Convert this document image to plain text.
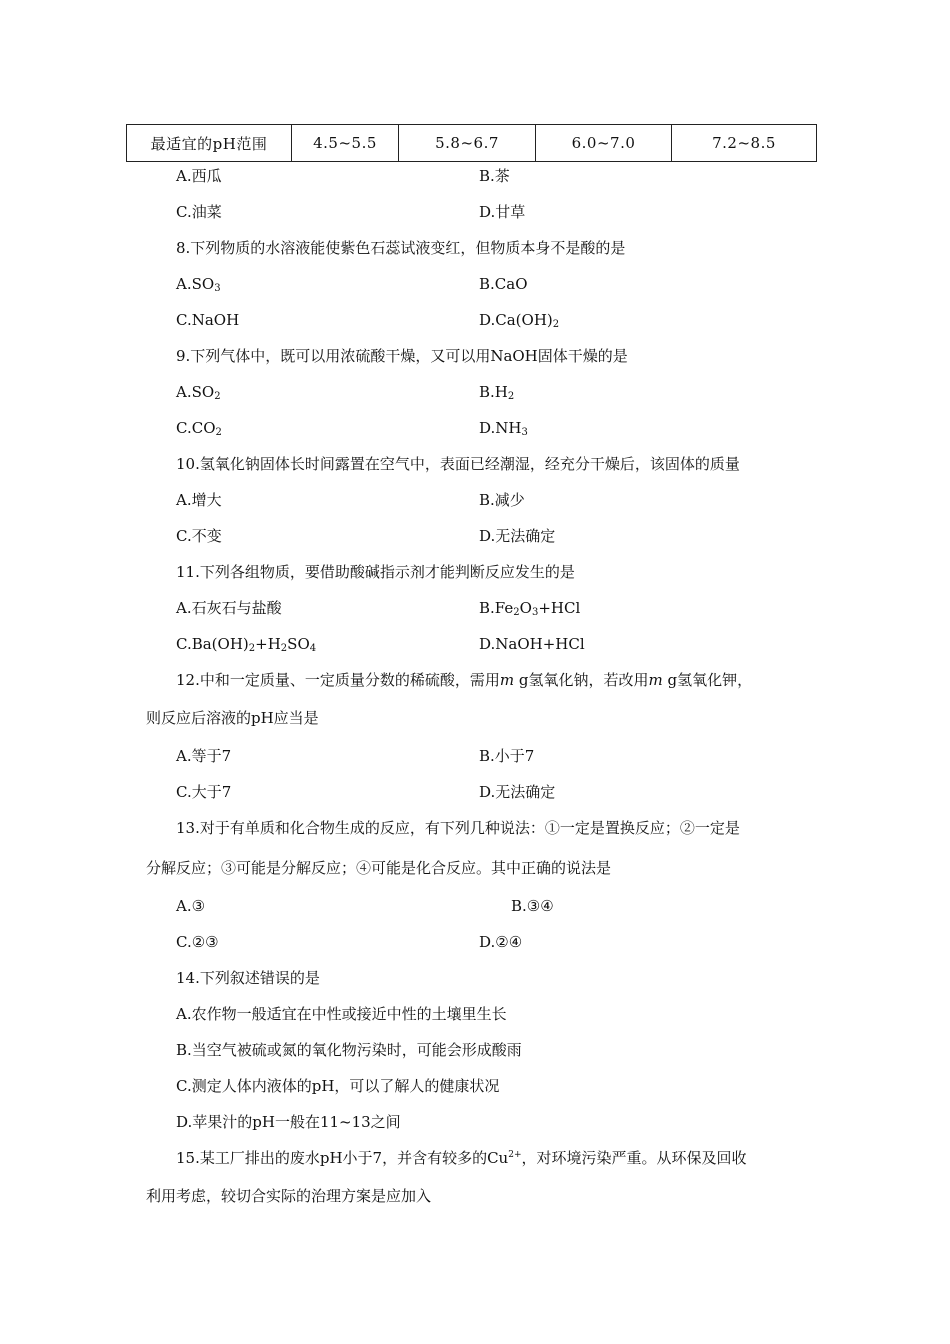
最适宜的pH范围	4.5~5.5	5.8~6.7	6.0~7.0	7.2~8.5
A.西瓜	B.茶
C.油菜	D.甘草
8.下列物质的水溶液能使紫色石蕊试液变红，但物质本身不是酸的是
$A.SO_3$	B.CaO
C.NaOH	$D.Ca(OH)_2$
9.下列气体中，既可以用浓硫酸干燥，又可以用NaOH固体干燥的是
$A.SO_2$	$B.H_2$
$C.CO_2$	$D.NH_3$
10.氢氧化钠固体长时间露置在空气中，表面已经潮湿，经充分干燥后，该固体的质量
A.增大	B.减少
C.不变	D.无法确定
11.下列各组物质，要借助酸碱指示剂才能判断反应发生的是
A.石灰石与盐酸	$B.Fe_2O_3+HCl$
$C.Ba(OH)_2+H_2SO_4$	D.NaOH+HCl
12.中和一定质量、一定质量分数的稀硫酸，需用m g氢氧化钠，若改用m g氢氧化钾，
则反应后溶液的pH应当是
A.等于7	B.小于7
C.大于7	D.无法确定
13.对于有单质和化合物生成的反应，有下列几种说法：①一定是置换反应；②一定是
分解反应；③可能是分解反应；④可能是化合反应。其中正确的说法是
A.③	B.③④
C.②③	D.②④
14.下列叙述错误的是
A.农作物一般适宜在中性或接近中性的土壤里生长
B.当空气被硫或氮的氧化物污染时，可能会形成酸雨
C.测定人体内液体的pH，可以了解人的健康状况
D.苹果汁的pH一般在11~13之间
15.某工厂排出的废水pH小于7，并含有较多的$Cu^{2+}$，对环境污染严重。从环保及回收
利用考虑，较切合实际的治理方案是应加入
